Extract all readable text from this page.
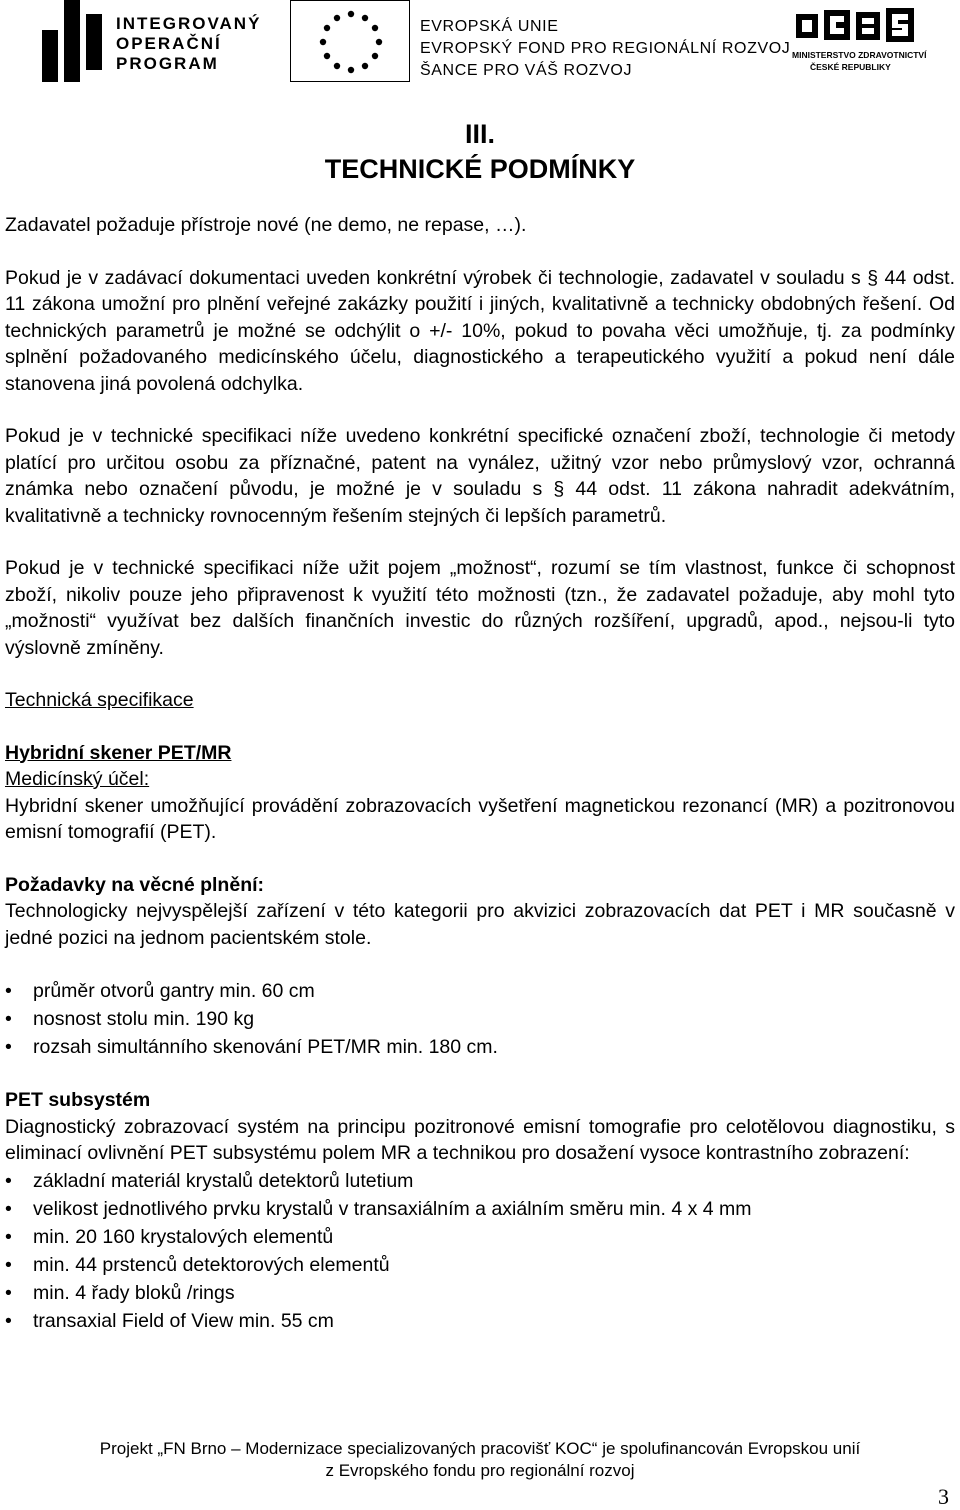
INTEGROVANÝ
OPERAČNÍ
PROGRAM
EVROPSKÁ UNIE
EVROPSKÝ FOND PRO REGIONÁLNÍ ROZVOJ
ŠANCE PRO VÁŠ ROZVOJ
MINISTERSTVO ZDRAVOTNICTVÍ
ČESKÉ REPUBLIKY
III.
TECHNICKÉ PODMÍNKY

Zadavatel požaduje přístroje nové (ne demo, ne repase, …).

Pokud je v zadávací dokumentaci uveden konkrétní výrobek či technologie, zadavatel v souladu s § 44 odst. 11 zákona umožní pro plnění veřejné zakázky použití i jiných, kvalitativně a technicky obdobných řešení. Od technických parametrů je možné se odchýlit o +/- 10%, pokud to povaha věci umožňuje, tj. za podmínky splnění požadovaného medicínského účelu, diagnostického a terapeutického využití a pokud není dále stanovena jiná povolená odchylka.

Pokud je v technické specifikaci níže uvedeno konkrétní specifické označení zboží, technologie či metody platící pro určitou osobu za příznačné, patent na vynález, užitný vzor nebo průmyslový vzor, ochranná známka nebo označení původu, je možné je v souladu s § 44 odst. 11 zákona nahradit adekvátním, kvalitativně a technicky rovnocenným řešením stejných či lepších parametrů.

Pokud je v technické specifikaci níže užit pojem „možnost“, rozumí se tím vlastnost, funkce či schopnost zboží, nikoliv pouze jeho připravenost k využití této možnosti (tzn., že zadavatel požaduje, aby mohl tyto „možnosti“ využívat bez dalších finančních investic do různých rozšíření, upgradů, apod., nejsou-li tyto výslovně zmíněny.

Technická specifikace

Hybridní skener PET/MR

Medicínský účel:

Hybridní skener umožňující provádění zobrazovacích vyšetření magnetickou rezonancí (MR) a pozitronovou emisní tomografií (PET).

Požadavky na věcné plnění:

Technologicky nejvyspělejší zařízení v této kategorii pro akvizici zobrazovacích dat PET i MR současně v jedné pozici na jednom pacientském stole.

• průměr otvorů gantry min. 60 cm
• nosnost stolu min. 190 kg
• rozsah simultánního skenování PET/MR min. 180 cm.

PET subsystém

Diagnostický zobrazovací systém na principu pozitronové emisní tomografie pro celotělovou diagnostiku, s eliminací ovlivnění PET subsystému polem MR a technikou pro dosažení vysoce kontrastního zobrazení:

• základní materiál krystalů detektorů lutetium
• velikost jednotlivého prvku krystalů v transaxiálním a axiálním směru min. 4 x 4 mm
• min. 20 160 krystalových elementů
• min. 44 prstenců detektorových elementů
• min. 4 řady bloků /rings
• transaxial Field of View min. 55 cm
Projekt „FN Brno – Modernizace specializovaných pracovišť KOC“ je spolufinancován Evropskou unií
z Evropského fondu pro regionální rozvoj
3
